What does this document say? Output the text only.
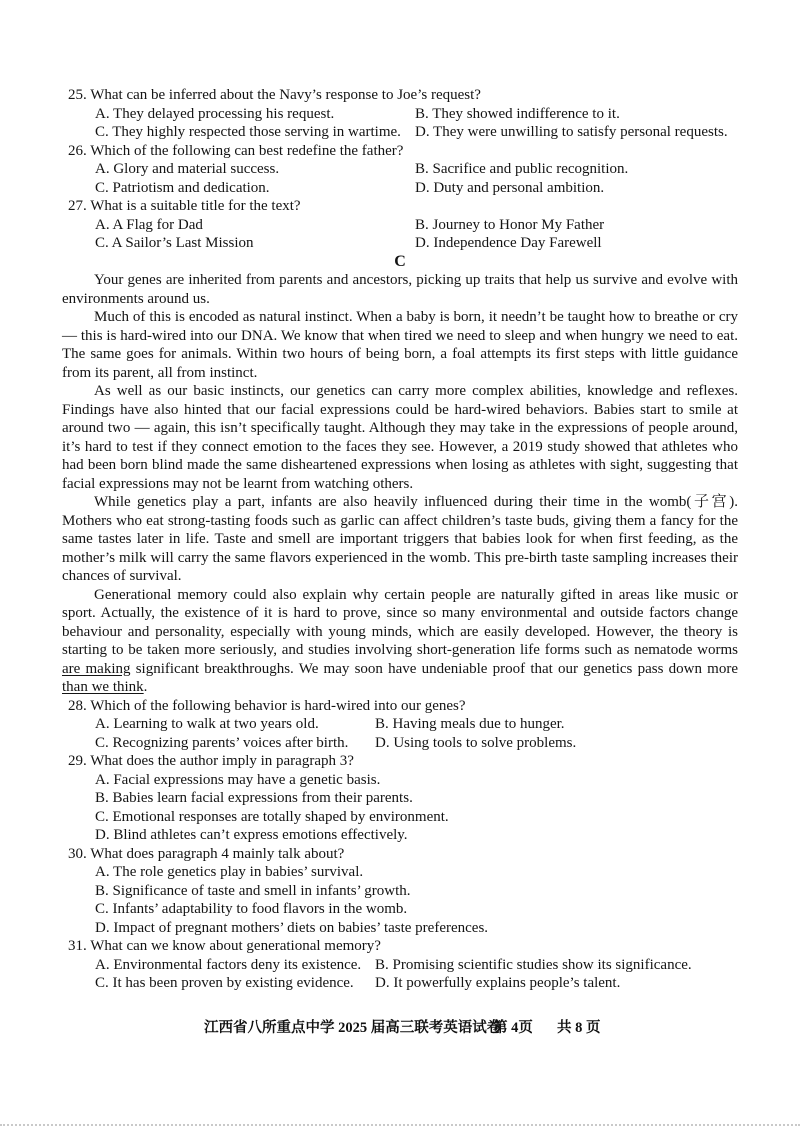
25. What can be inferred about the Navy’s response to Joe’s request?
A. They delayed processing his request.	B. They showed indifference to it.
C. They highly respected those serving in wartime. D. They were unwilling to satisfy personal requests.
26. Which of the following can best redefine the father?
A. Glory and material success.	B. Sacrifice and public recognition.
C. Patriotism and dedication.	D. Duty and personal ambition.
27. What is a suitable title for the text?
A. A Flag for Dad	B. Journey to Honor My Father
C. A Sailor’s Last Mission	D. Independence Day Farewell
C

Your genes are inherited from parents and ancestors, picking up traits that help us survive and evolve with environments around us.

Much of this is encoded as natural instinct. When a baby is born, it needn’t be taught how to breathe or cry — this is hard-wired into our DNA. We know that when tired we need to sleep and when hungry we need to eat. The same goes for animals. Within two hours of being born, a foal attempts its first steps with little guidance from its parent, all from instinct.

As well as our basic instincts, our genetics can carry more complex abilities, knowledge and reflexes. Findings have also hinted that our facial expressions could be hard-wired behaviors. Babies start to smile at around two — again, this isn’t specifically taught. Although they may take in the expressions of people around, it’s hard to test if they connect emotion to the faces they see. However, a 2019 study showed that athletes who had been born blind made the same disheartened expressions when losing as athletes with sight, suggesting that facial expressions may not be learnt from watching others.

While genetics play a part, infants are also heavily influenced during their time in the womb(子宫). Mothers who eat strong-tasting foods such as garlic can affect children’s taste buds, giving them a fancy for the same tastes later in life. Taste and smell are important triggers that babies look for when first feeding, as the mother’s milk will carry the same flavors experienced in the womb. This pre-birth taste sampling increases their chances of survival.

Generational memory could also explain why certain people are naturally gifted in areas like music or sport. Actually, the existence of it is hard to prove, since so many environmental and outside factors change behaviour and personality, especially with young minds, which are easily developed. However, the theory is starting to be taken more seriously, and studies involving short-generation life forms such as nematode worms are making significant breakthroughs. We may soon have undeniable proof that our genetics pass down more than we think.

28. Which of the following behavior is hard-wired into our genes?
A. Learning to walk at two years old.	B. Having meals due to hunger.
C. Recognizing parents’ voices after birth.	D. Using tools to solve problems.
29. What does the author imply in paragraph 3?
A. Facial expressions may have a genetic basis.
B. Babies learn facial expressions from their parents.
C. Emotional responses are totally shaped by environment.
D. Blind athletes can’t express emotions effectively.
30. What does paragraph 4 mainly talk about?
A. The role genetics play in babies’ survival.
B. Significance of taste and smell in infants’ growth.
C. Infants’ adaptability to food flavors in the womb.
D. Impact of pregnant mothers’ diets on babies’ taste preferences.
31. What can we know about generational memory?
A. Environmental factors deny its existence. B. Promising scientific studies show its significance.
C. It has been proven by existing evidence.	D. It powerfully explains people’s talent.
江西省八所重点中学 2025 届高三联考英语试卷
第 4页 共 8 页
